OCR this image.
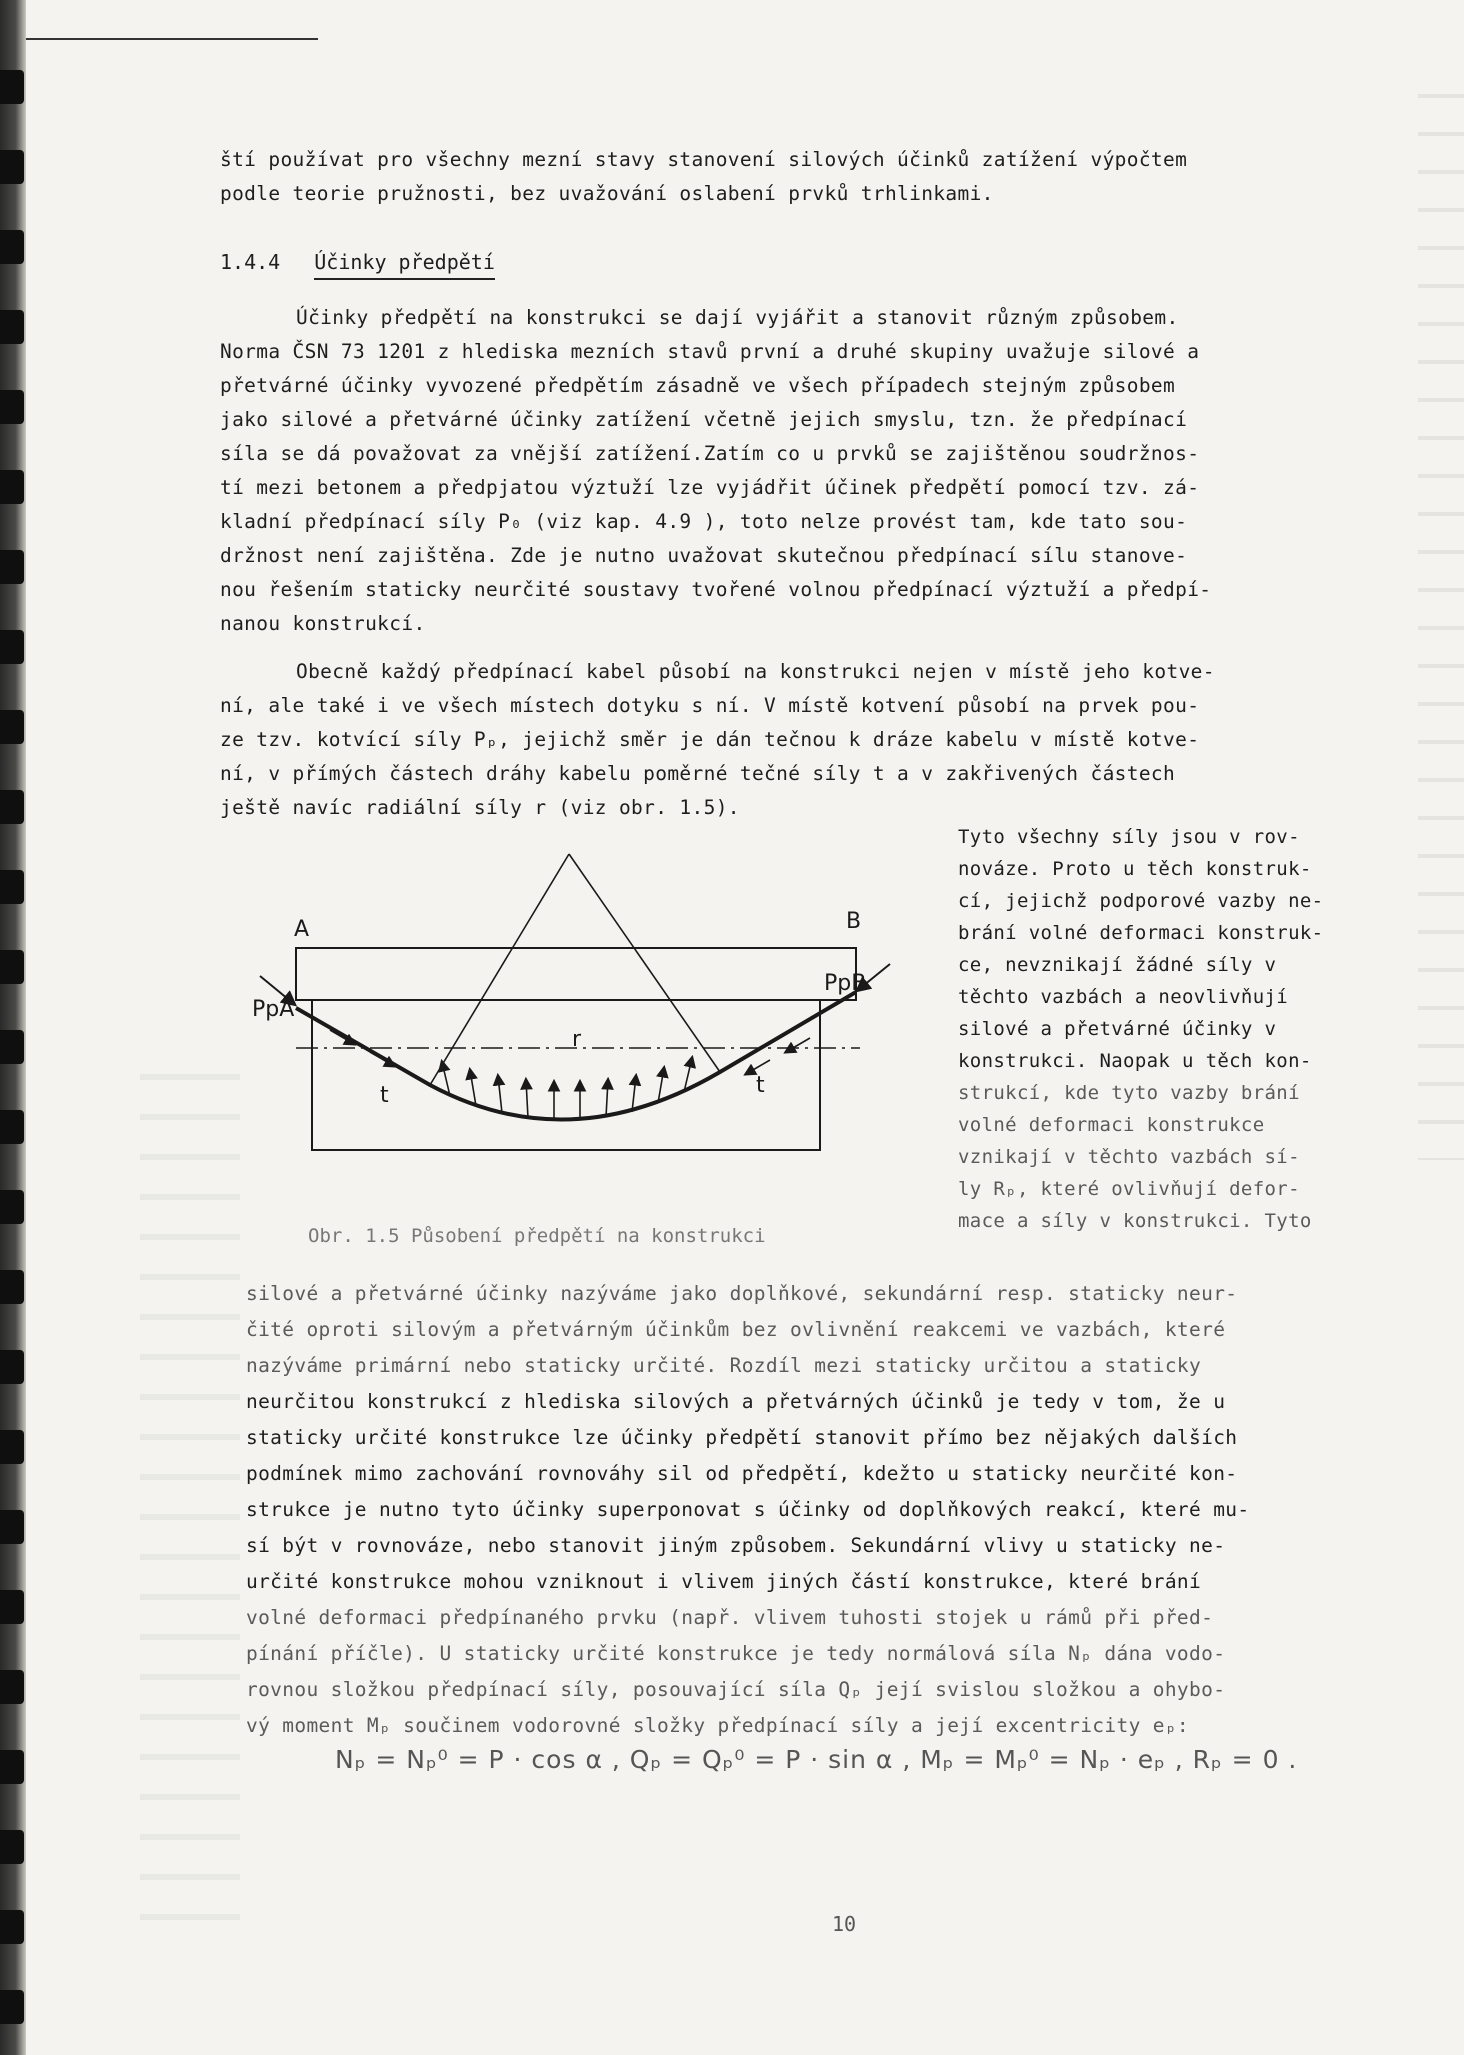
ští používat pro všechny mezní stavy stanovení silových účinků zatížení výpočtem

podle teorie pružnosti, bez uvažování oslabení prvků trhlinkami.

1.4.4 Účinky předpětí

Účinky předpětí na konstrukci se dají vyjářit a stanovit různým způsobem.

Norma ČSN 73 1201 z hlediska mezních stavů první a druhé skupiny uvažuje silové a

přetvárné účinky vyvozené předpětím zásadně ve všech případech stejným způsobem

jako silové a přetvárné účinky zatížení včetně jejich smyslu, tzn. že předpínací

síla se dá považovat za vnější zatížení.Zatím co u prvků se zajištěnou soudržnos-

tí mezi betonem a předpjatou výztuží lze vyjádřit účinek předpětí pomocí tzv. zá-

kladní předpínací síly P₀ (viz kap. 4.9 ), toto nelze provést tam, kde tato sou-

držnost není zajištěna. Zde je nutno uvažovat skutečnou předpínací sílu stanove-

nou řešením staticky neurčité soustavy tvořené volnou předpínací výztuží a předpí-

nanou konstrukcí.

Obecně každý předpínací kabel působí na konstrukci nejen v místě jeho kotve-

ní, ale také i ve všech místech dotyku s ní. V místě kotvení působí na prvek pou-

ze tzv. kotvící síly Pₚ, jejichž směr je dán tečnou k dráze kabelu v místě kotve-

ní, v přímých částech dráhy kabelu poměrné tečné síly t a v zakřivených částech

ještě navíc radiální síly r (viz obr. 1.5).

Tyto všechny síly jsou v rov-

nováze. Proto u těch konstruk-

cí, jejichž podporové vazby ne-

brání volné deformaci konstruk-

ce, nevznikají žádné síly v

těchto vazbách a neovlivňují

silové a přetvárné účinky v

konstrukci. Naopak u těch kon-

strukcí, kde tyto vazby brání

volné deformaci konstrukce

vznikají v těchto vazbách sí-

ly Rₚ, které ovlivňují defor-

mace a síly v konstrukci. Tyto

A	B
PpA
PpB
r
t	t
Obr. 1.5 Působení předpětí na konstrukci

silové a přetvárné účinky nazýváme jako doplňkové, sekundární resp. staticky neur-

čité oproti silovým a přetvárným účinkům bez ovlivnění reakcemi ve vazbách, které

nazýváme primární nebo staticky určité. Rozdíl mezi staticky určitou a staticky

neurčitou konstrukcí z hlediska silových a přetvárných účinků je tedy v tom, že u

staticky určité konstrukce lze účinky předpětí stanovit přímo bez nějakých dalších

podmínek mimo zachování rovnováhy sil od předpětí, kdežto u staticky neurčité kon-

strukce je nutno tyto účinky superponovat s účinky od doplňkových reakcí, které mu-

sí být v rovnováze, nebo stanovit jiným způsobem. Sekundární vlivy u staticky ne-

určité konstrukce mohou vzniknout i vlivem jiných částí konstrukce, které brání

volné deformaci předpínaného prvku (např. vlivem tuhosti stojek u rámů při před-

pínání příčle). U staticky určité konstrukce je tedy normálová síla Nₚ dána vodo-

rovnou složkou předpínací síly, posouvající síla Qₚ její svislou složkou a ohybo-

vý moment Mₚ součinem vodorovné složky předpínací síly a její excentricity eₚ:

Nₚ = Nₚ⁰ = P · cos α , Qₚ = Qₚ⁰ = P · sin α , Mₚ = Mₚ⁰ = Nₚ · eₚ , Rₚ = 0 .
10
